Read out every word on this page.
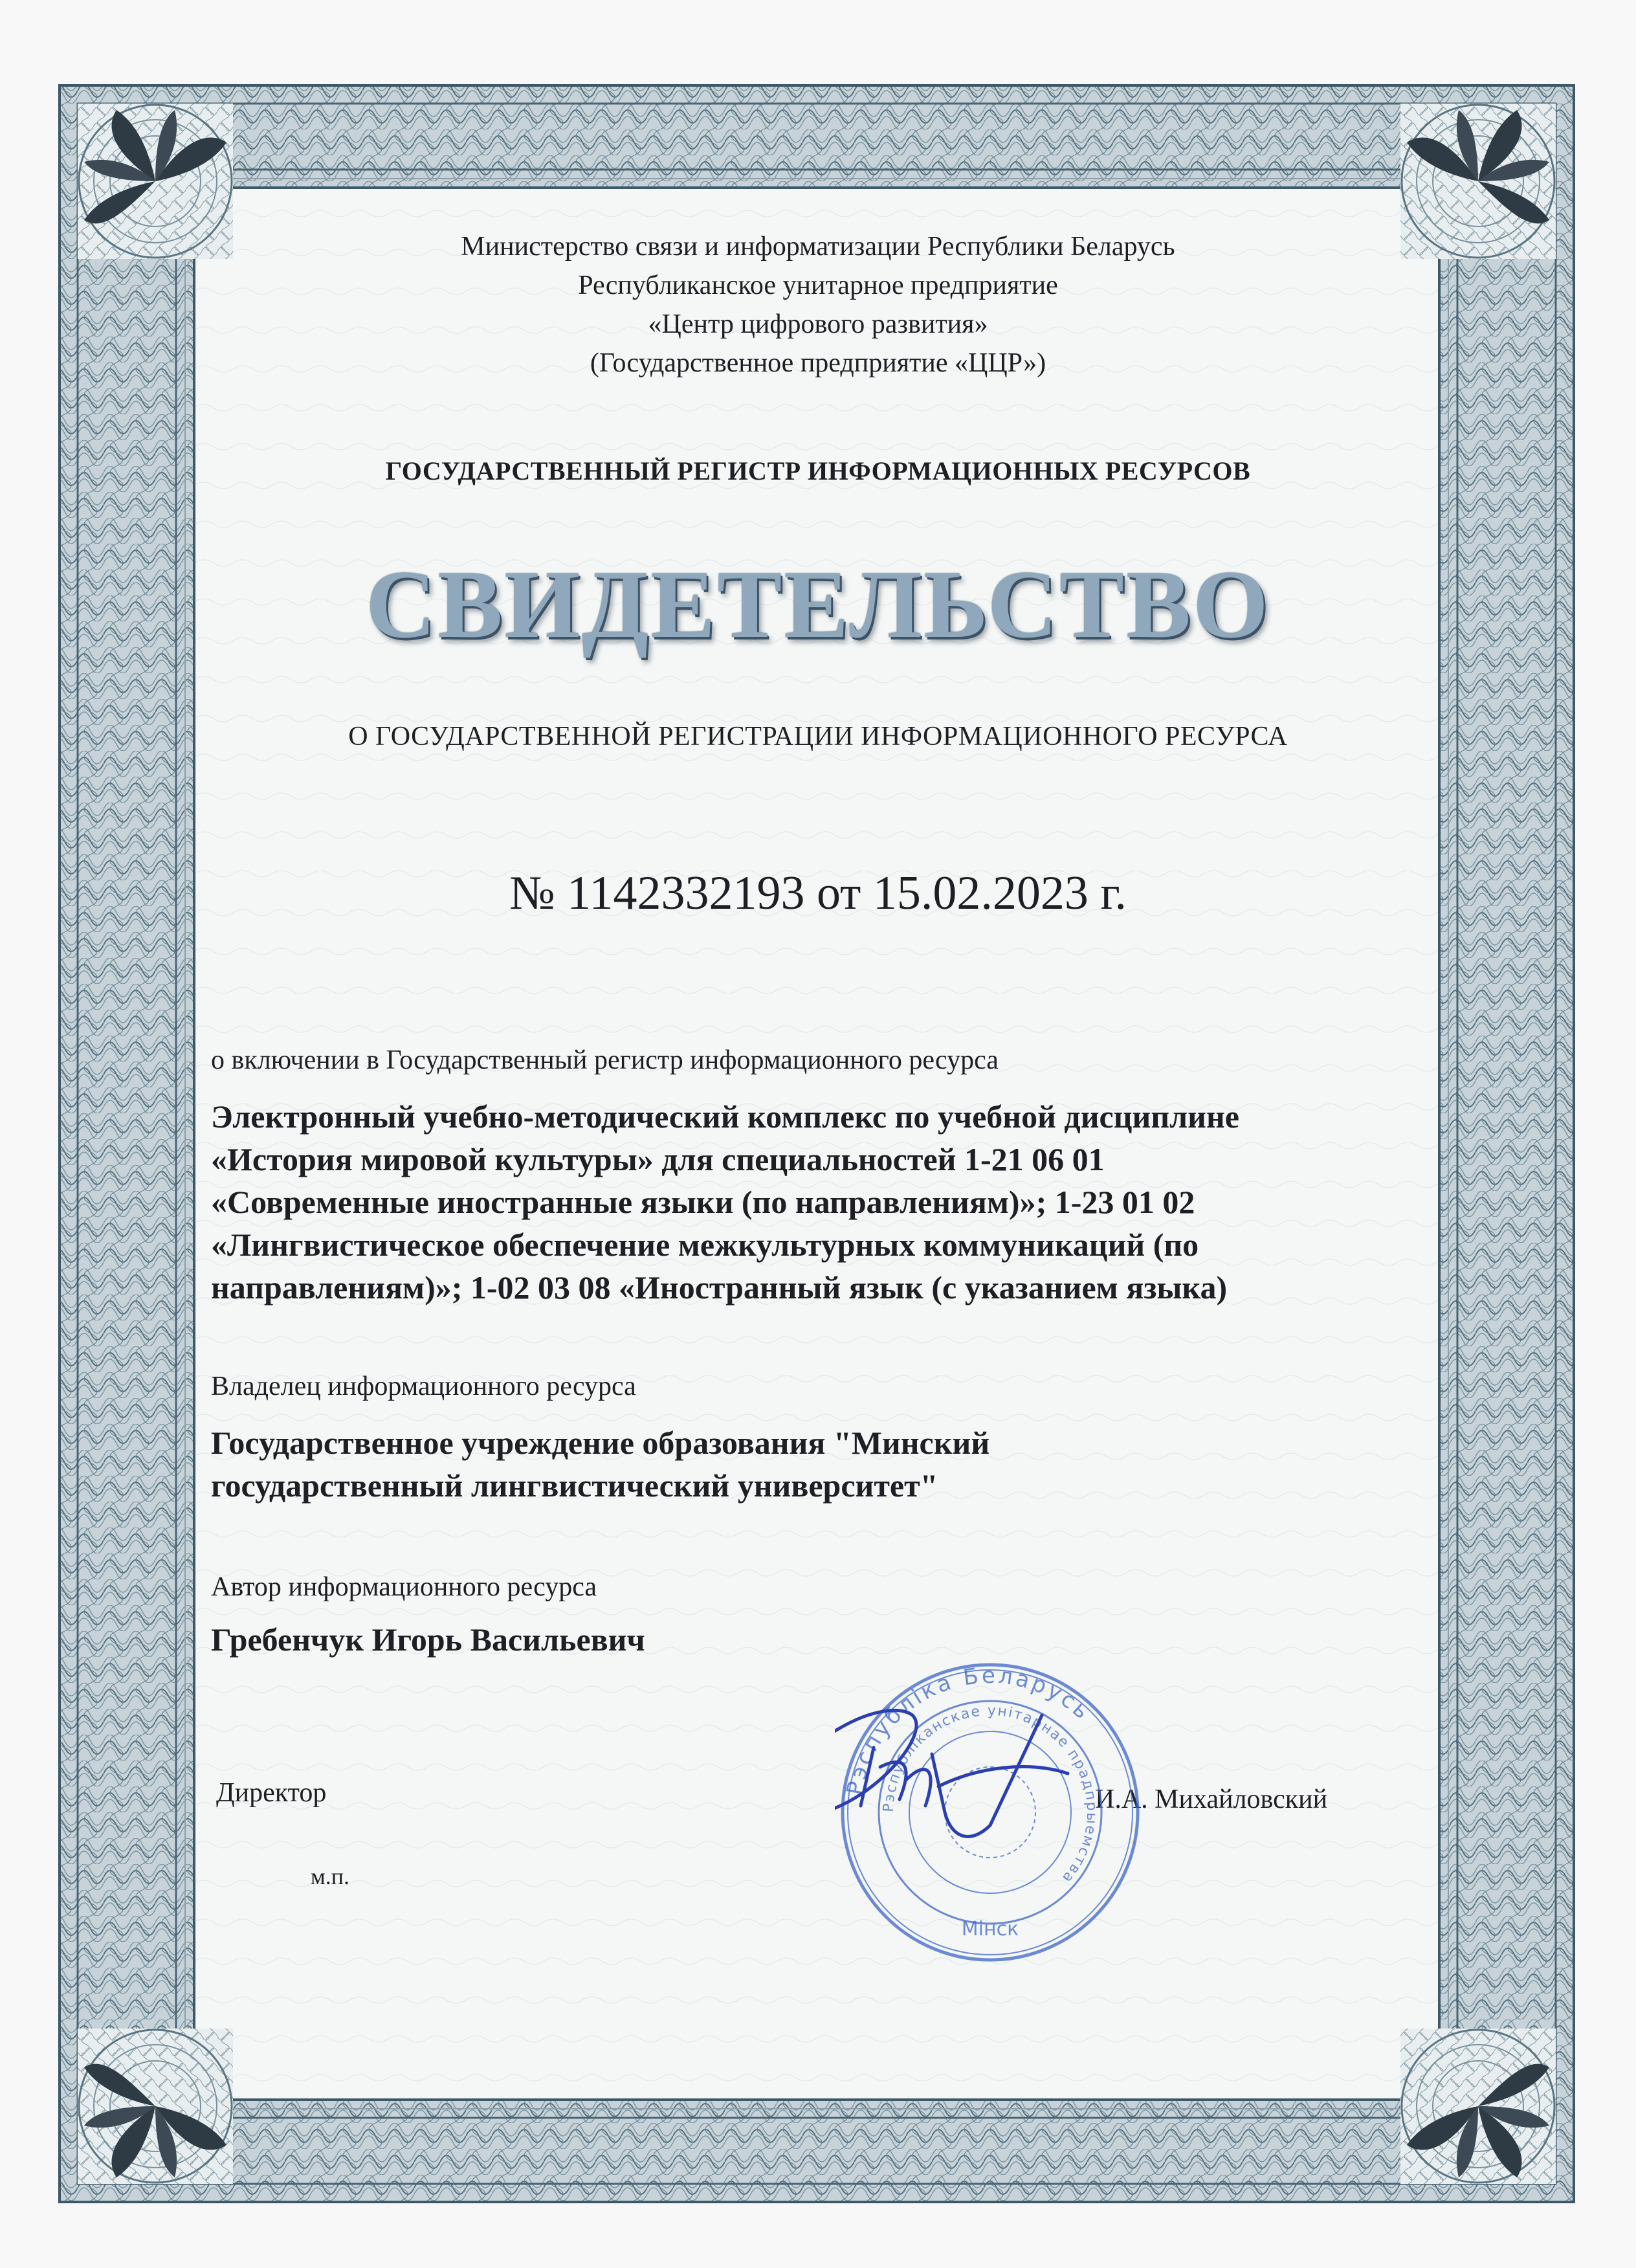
Министерство связи и информатизации Республики Беларусь
Республиканское унитарное предприятие
«Центр цифрового развития»
(Государственное предприятие «ЦЦР»)
ГОСУДАРСТВЕННЫЙ РЕГИСТР ИНФОРМАЦИОННЫХ РЕСУРСОВ
СВИДЕТЕЛЬСТВО
О ГОСУДАРСТВЕННОЙ РЕГИСТРАЦИИ ИНФОРМАЦИОННОГО РЕСУРСА
№ 1142332193 от 15.02.2023 г.
о включении в Государственный регистр информационного ресурса
Электронный учебно-методический комплекс по учебной дисциплине
«История мировой культуры» для специальностей 1-21 06 01
«Современные иностранные языки (по направлениям)»; 1-23 01 02
«Лингвистическое обеспечение межкультурных коммуникаций (по
направлениям)»; 1-02 03 08 «Иностранный язык (с указанием языка)
Владелец информационного ресурса
Государственное учреждение образования "Минский
государственный лингвистический университет"
Автор информационного ресурса
Гребенчук Игорь Васильевич
Директор	И.А. Михайловский
м.п.
Рэспубліка Беларусь
Рэспубліканскае унітарнае прадпрыемства
Мінск
